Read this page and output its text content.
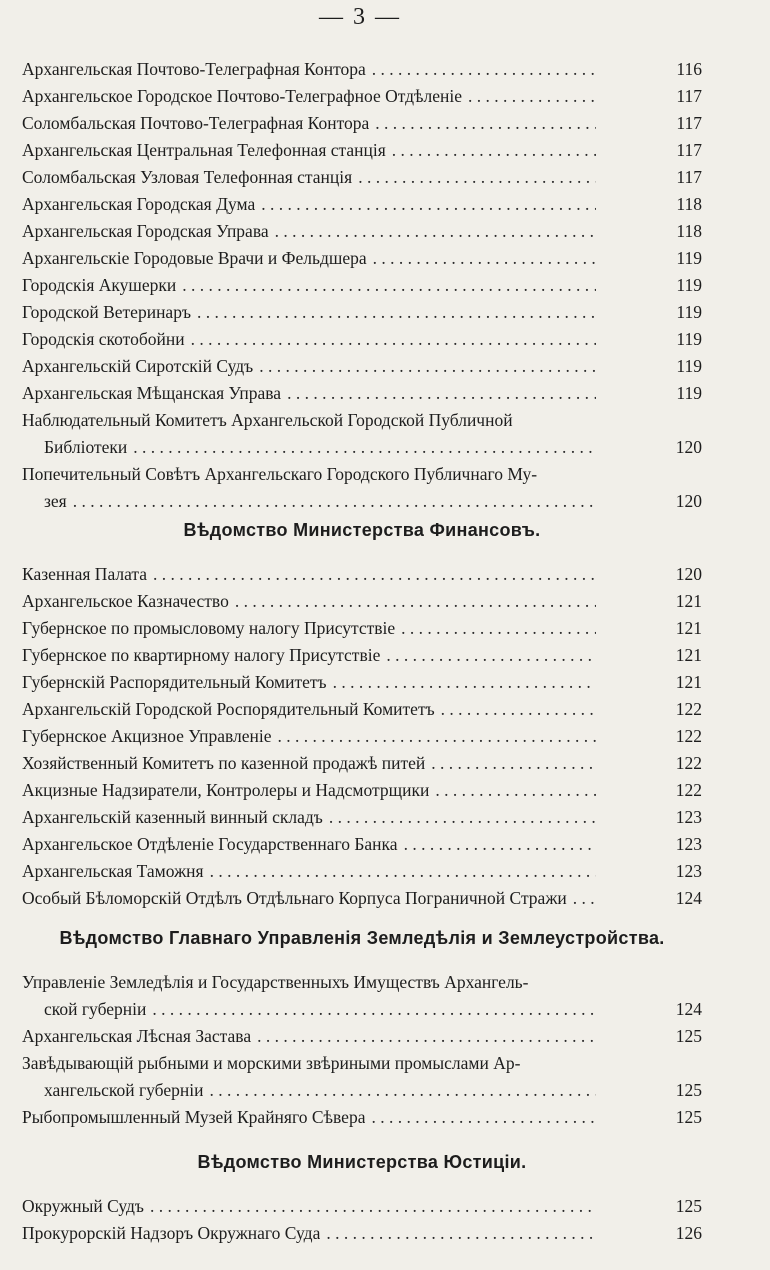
— 3 —
Архангельская Почтово-Телеграфная Контора . . .	116
Архангельское Городское Почтово-Телеграфное Отдѣленіе . . .	117
Соломбальская Почтово-Телеграфная Контора . . .	117
Архангельская Центральная Телефонная станція . . .	117
Соломбальская Узловая Телефонная станція . . .	117
Архангельская Городская Дума . . .	118
Архангельская Городская Управа . . .	118
Архангельскіе Городовые Врачи и Фельдшера . . .	119
Городскія Акушерки . . .	119
Городской Ветеринаръ . . .	119
Городскія скотобойни . . .	119
Архангельскій Сиротскій Судъ . . .	119
Архангельская Мѣщанская Управа . . .	119
Наблюдательный Комитетъ Архангельской Городской Публичной
Библіотеки . . .	120
Попечительный Совѣтъ Архангельскаго Городского Публичнаго Му-
зея . . .	120
Вѣдомство Министерства Финансовъ.
Казенная Палата . . .	120
Архангельское Казначество . . .	121
Губернское по промысловому налогу Присутствіе . . .	121
Губернское по квартирному налогу Присутствіе . . .	121
Губернскій Распорядительный Комитетъ . . .	121
Архангельскій Городской Роспорядительный Комитетъ . . .	122
Губернское Акцизное Управленіе . . .	122
Хозяйственный Комитетъ по казенной продажѣ питей . . .	122
Акцизные Надзиратели, Контролеры и Надсмотрщики . . .	122
Архангельскій казенный винный складъ . . .	123
Архангельское Отдѣленіе Государственнаго Банка . . .	123
Архангельская Таможня . . .	123
Особый Бѣломорскій Отдѣлъ Отдѣльнаго Корпуса Пограничной Стражи . . .	124
Вѣдомство Главнаго Управленія Земледѣлія и Землеустройства.
Управленіе Земледѣлія и Государственныхъ Имуществъ Архангель-
ской губерніи . . .	124
Архангельская Лѣсная Застава . . .	125
Завѣдывающій рыбными и морскими звѣриными промыслами Ар-
хангельской губерніи . . .	125
Рыбопромышленный Музей Крайняго Сѣвера . . .	125
Вѣдомство Министерства Юстиціи.
Окружный Судъ . . .	125
Прокурорскій Надзоръ Окружнаго Суда . . .	126
